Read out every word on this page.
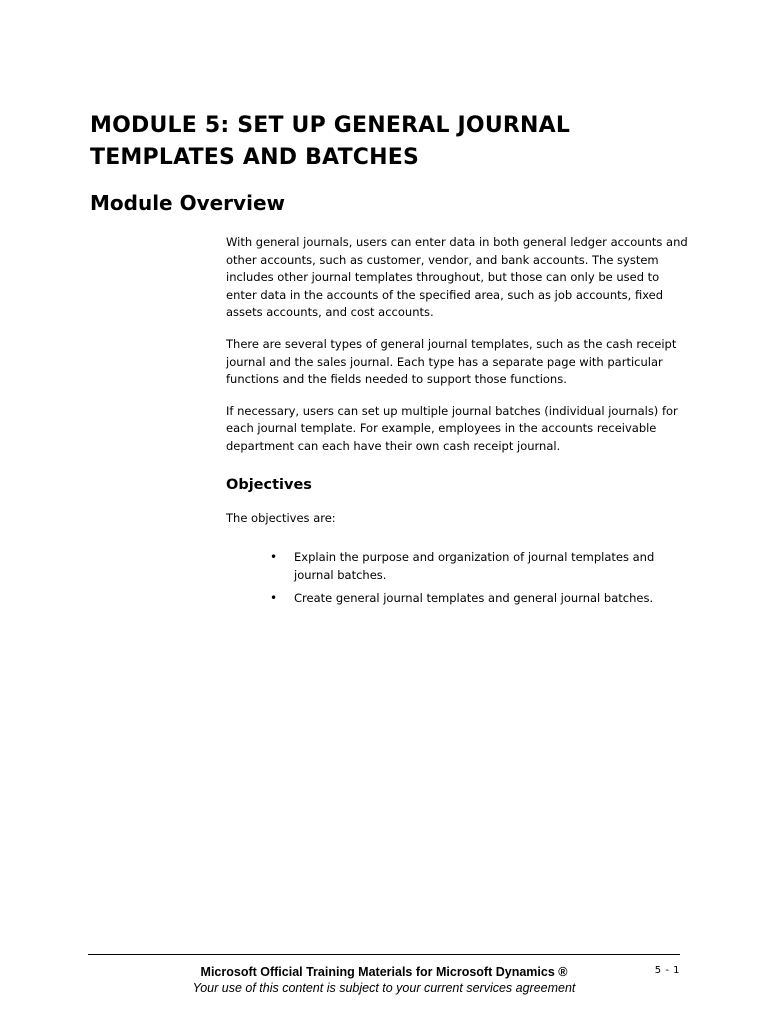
MODULE 5: SET UP GENERAL JOURNAL TEMPLATES AND BATCHES
Module Overview

With general journals, users can enter data in both general ledger accounts and other accounts, such as customer, vendor, and bank accounts. The system includes other journal templates throughout, but those can only be used to enter data in the accounts of the specified area, such as job accounts, fixed assets accounts, and cost accounts.

There are several types of general journal templates, such as the cash receipt journal and the sales journal. Each type has a separate page with particular functions and the fields needed to support those functions.

If necessary, users can set up multiple journal batches (individual journals) for each journal template. For example, employees in the accounts receivable department can each have their own cash receipt journal.

Objectives

The objectives are:

• Explain the purpose and organization of journal templates and journal batches.
• Create general journal templates and general journal batches.
Microsoft Official Training Materials for Microsoft Dynamics ®
Your use of this content is subject to your current services agreement
5 - 1
